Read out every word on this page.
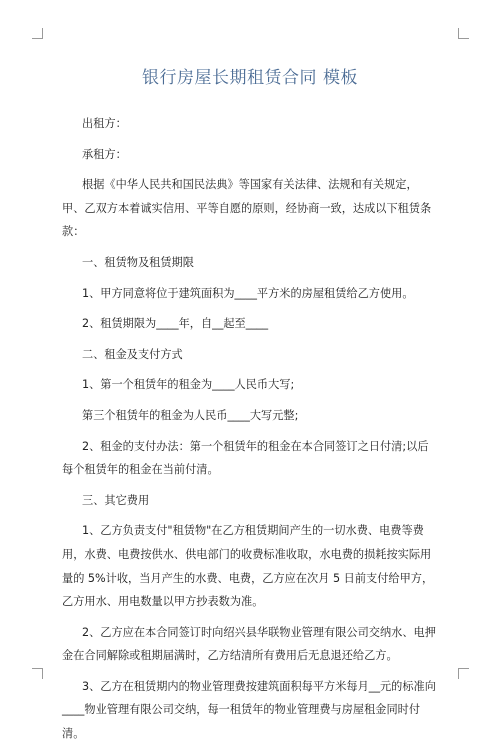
银行房屋长期租赁合同 模板

出租方：

承租方：

根据《中华人民共和国民法典》等国家有关法律、法规和有关规定，甲、乙双方本着诚实信用、平等自愿的原则，经协商一致，达成以下租赁条款：

一、租赁物及租赁期限

1、甲方同意将位于建筑面积为____平方米的房屋租赁给乙方使用。

2、租赁期限为____年，自__起至____

二、租金及支付方式

1、第一个租赁年的租金为____人民币大写;

第三个租赁年的租金为人民币____大写元整;

2、租金的支付办法：第一个租赁年的租金在本合同签订之日付清;以后每个租赁年的租金在当前付清。

三、其它费用

1、乙方负责支付"租赁物"在乙方租赁期间产生的一切水费、电费等费用，水费、电费按供水、供电部门的收费标准收取，水电费的损耗按实际用量的 5%计收，当月产生的水费、电费，乙方应在次月 5 日前支付给甲方，乙方用水、用电数量以甲方抄表数为准。

2、乙方应在本合同签订时向绍兴县华联物业管理有限公司交纳水、电押金在合同解除或租期届满时，乙方结清所有费用后无息退还给乙方。

3、乙方在租赁期内的物业管理费按建筑面积每平方米每月__元的标准向____物业管理有限公司交纳，每一租赁年的物业管理费与房屋租金同时付清。
